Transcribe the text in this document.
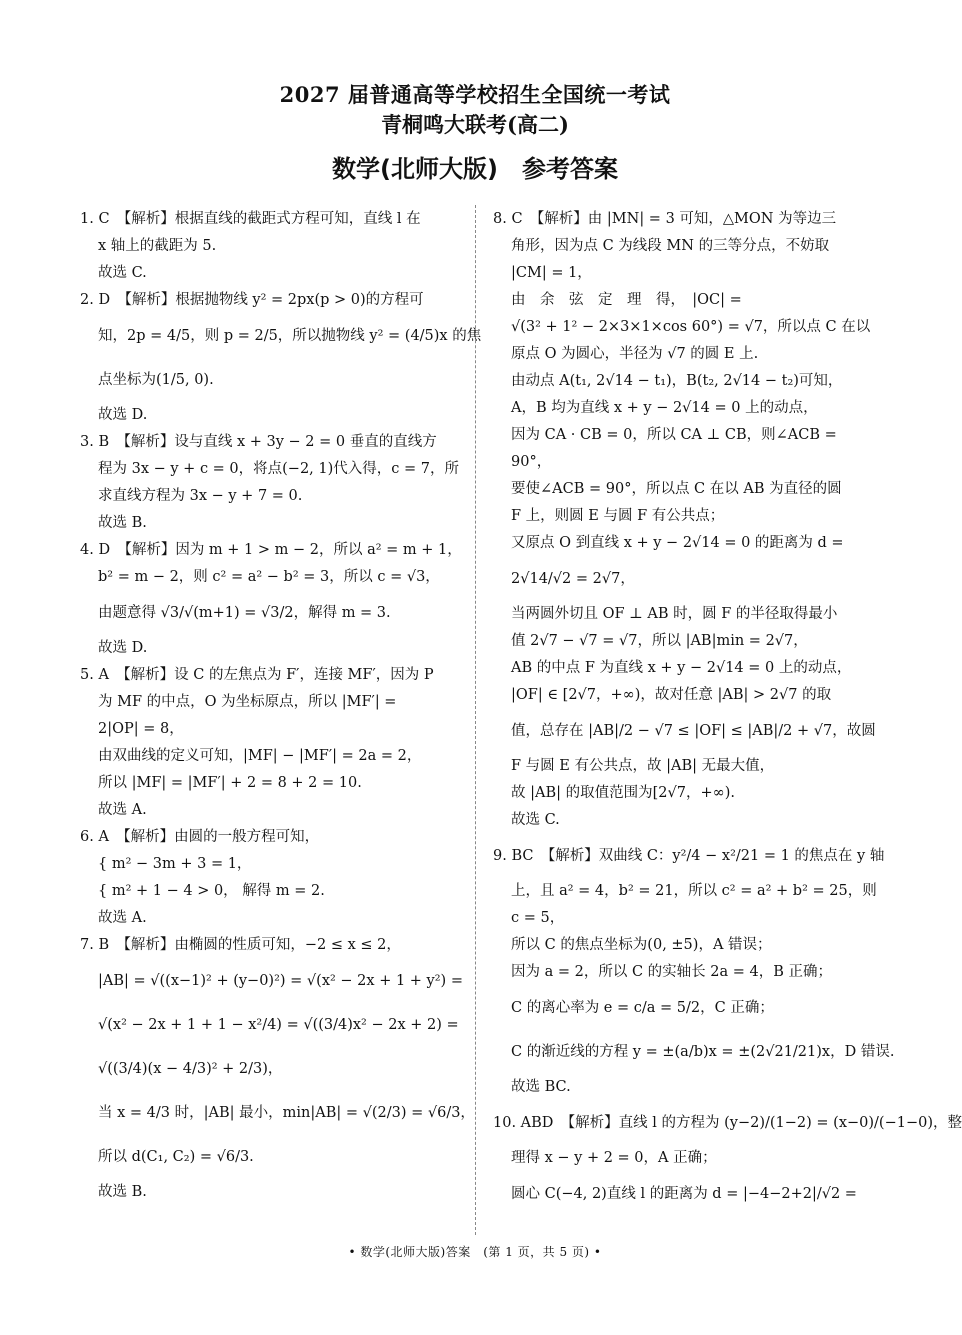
2027 届普通高等学校招生全国统一考试
青桐鸣大联考(高二)
数学(北师大版)　参考答案
1. C　【解析】根据直线的截距式方程可知，直线 l 在
x 轴上的截距为 5.
故选 C.
2. D　【解析】根据抛物线 y² = 2px(p > 0)的方程可
知，2p = 4/5，则 p = 2/5，所以抛物线 y² = (4/5)x 的焦
点坐标为(1/5, 0).
故选 D.
3. B　【解析】设与直线 x + 3y − 2 = 0 垂直的直线方
程为 3x − y + c = 0，将点(−2, 1)代入得，c = 7，所
求直线方程为 3x − y + 7 = 0.
故选 B.
4. D　【解析】因为 m + 1 > m − 2，所以 a² = m + 1，
b² = m − 2，则 c² = a² − b² = 3，所以 c = √3，
由题意得 √3/√(m+1) = √3/2，解得 m = 3.
故选 D.
5. A　【解析】设 C 的左焦点为 F′，连接 MF′，因为 P
为 MF 的中点，O 为坐标原点，所以 |MF′| =
2|OP| = 8，
由双曲线的定义可知，|MF| − |MF′| = 2a = 2，
所以 |MF| = |MF′| + 2 = 8 + 2 = 10.
故选 A.
6. A　【解析】由圆的一般方程可知，
{ m² − 3m + 3 = 1，
{ m² + 1 − 4 > 0， 解得 m = 2.
故选 A.
7. B　【解析】由椭圆的性质可知，−2 ≤ x ≤ 2，
|AB| = √((x−1)² + (y−0)²) = √(x² − 2x + 1 + y²) =
√(x² − 2x + 1 + 1 − x²/4) = √((3/4)x² − 2x + 2) =
√((3/4)(x − 4/3)² + 2/3)，
当 x = 4/3 时，|AB| 最小，min|AB| = √(2/3) = √6/3，
所以 d(C₁, C₂) = √6/3.
故选 B.
8. C　【解析】由 |MN| = 3 可知，△MON 为等边三
角形，因为点 C 为线段 MN 的三等分点，不妨取
|CM| = 1，
由　余　弦　定　理　得，　|OC| =
√(3² + 1² − 2×3×1×cos 60°) = √7，所以点 C 在以
原点 O 为圆心，半径为 √7 的圆 E 上.
由动点 A(t₁, 2√14 − t₁)，B(t₂, 2√14 − t₂)可知，
A，B 均为直线 x + y − 2√14 = 0 上的动点，
因为 CA · CB = 0，所以 CA ⊥ CB，则∠ACB =
90°，
要使∠ACB = 90°，所以点 C 在以 AB 为直径的圆
F 上，则圆 E 与圆 F 有公共点；
又原点 O 到直线 x + y − 2√14 = 0 的距离为 d =
2√14/√2 = 2√7，
当两圆外切且 OF ⊥ AB 时，圆 F 的半径取得最小
值 2√7 − √7 = √7，所以 |AB|min = 2√7，
AB 的中点 F 为直线 x + y − 2√14 = 0 上的动点，
|OF| ∈ [2√7，+∞)，故对任意 |AB| > 2√7 的取
值，总存在 |AB|/2 − √7 ≤ |OF| ≤ |AB|/2 + √7，故圆
F 与圆 E 有公共点，故 |AB| 无最大值，
故 |AB| 的取值范围为[2√7，+∞).
故选 C.
9. BC　【解析】双曲线 C：y²/4 − x²/21 = 1 的焦点在 y 轴
上，且 a² = 4，b² = 21，所以 c² = a² + b² = 25，则
c = 5，
所以 C 的焦点坐标为(0, ±5)，A 错误；
因为 a = 2，所以 C 的实轴长 2a = 4，B 正确；
C 的离心率为 e = c/a = 5/2，C 正确；
C 的渐近线的方程 y = ±(a/b)x = ±(2√21/21)x，D 错误.
故选 BC.
10. ABD　【解析】直线 l 的方程为 (y−2)/(1−2) = (x−0)/(−1−0)，整
理得 x − y + 2 = 0，A 正确；
圆心 C(−4, 2)直线 l 的距离为 d = |−4−2+2|/√2 =
• 数学(北师大版)答案　(第 1 页，共 5 页) •
